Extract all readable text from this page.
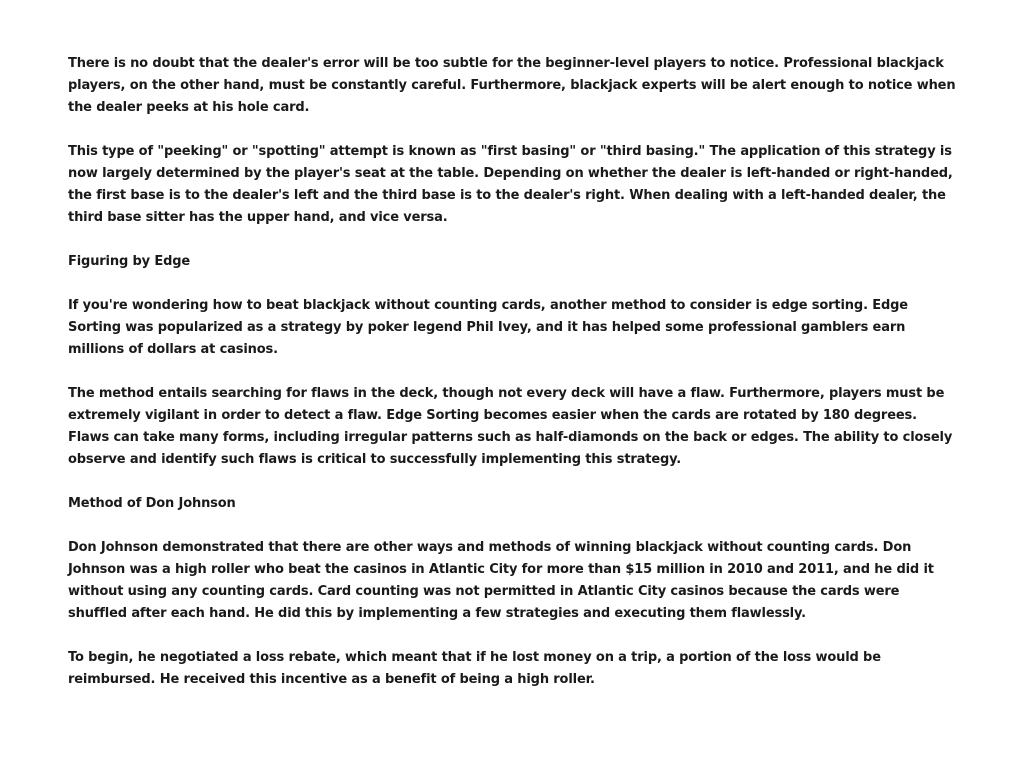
There is no doubt that the dealer's error will be too subtle for the beginner-level players to notice. Professional blackjack players, on the other hand, must be constantly careful. Furthermore, blackjack experts will be alert enough to notice when the dealer peeks at his hole card.

This type of "peeking" or "spotting" attempt is known as "first basing" or "third basing." The application of this strategy is now largely determined by the player's seat at the table. Depending on whether the dealer is left-handed or right-handed, the first base is to the dealer's left and the third base is to the dealer's right. When dealing with a left-handed dealer, the third base sitter has the upper hand, and vice versa.

Figuring by Edge

If you're wondering how to beat blackjack without counting cards, another method to consider is edge sorting. Edge Sorting was popularized as a strategy by poker legend Phil Ivey, and it has helped some professional gamblers earn millions of dollars at casinos.

The method entails searching for flaws in the deck, though not every deck will have a flaw. Furthermore, players must be extremely vigilant in order to detect a flaw. Edge Sorting becomes easier when the cards are rotated by 180 degrees. Flaws can take many forms, including irregular patterns such as half-diamonds on the back or edges. The ability to closely observe and identify such flaws is critical to successfully implementing this strategy.

Method of Don Johnson

Don Johnson demonstrated that there are other ways and methods of winning blackjack without counting cards. Don Johnson was a high roller who beat the casinos in Atlantic City for more than $15 million in 2010 and 2011, and he did it without using any counting cards. Card counting was not permitted in Atlantic City casinos because the cards were shuffled after each hand. He did this by implementing a few strategies and executing them flawlessly.

To begin, he negotiated a loss rebate, which meant that if he lost money on a trip, a portion of the loss would be reimbursed. He received this incentive as a benefit of being a high roller.
